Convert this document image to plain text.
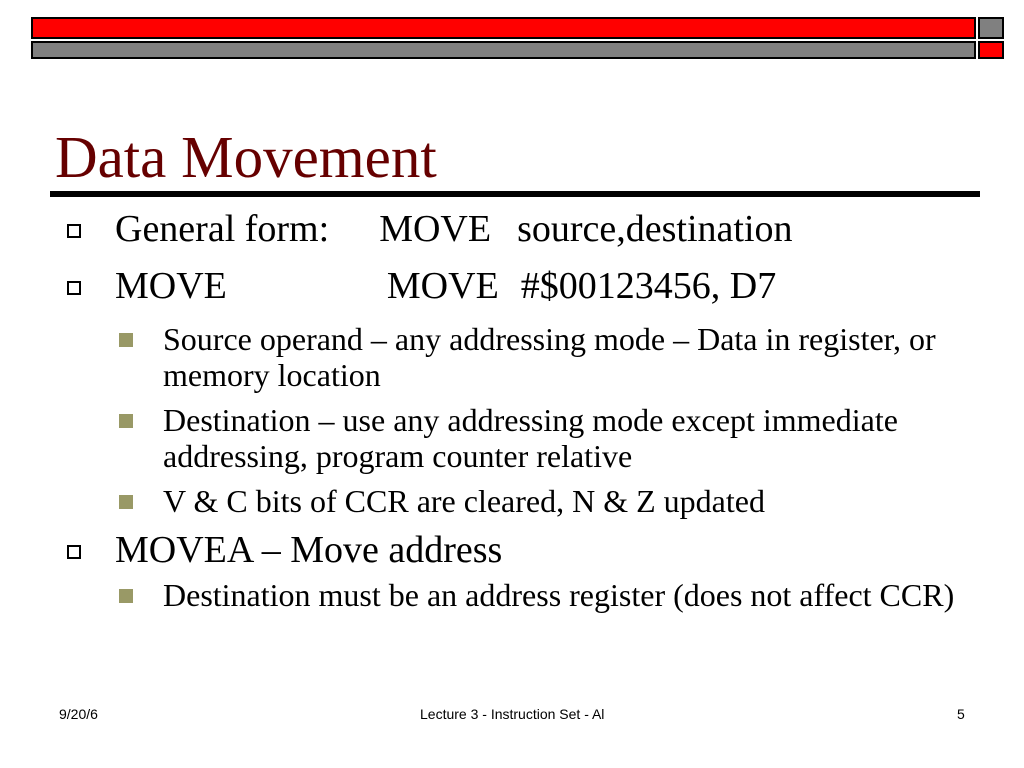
Data Movement
General form: MOVE source,destination
MOVE	MOVE #$00123456, D7
Source operand – any addressing mode – Data in register, or memory location
Destination – use any addressing mode except immediate addressing, program counter relative
V & C bits of CCR are cleared, N & Z updated
MOVEA – Move address
Destination must be an address register (does not affect CCR)
9/20/6	Lecture 3 - Instruction Set - Al	5
